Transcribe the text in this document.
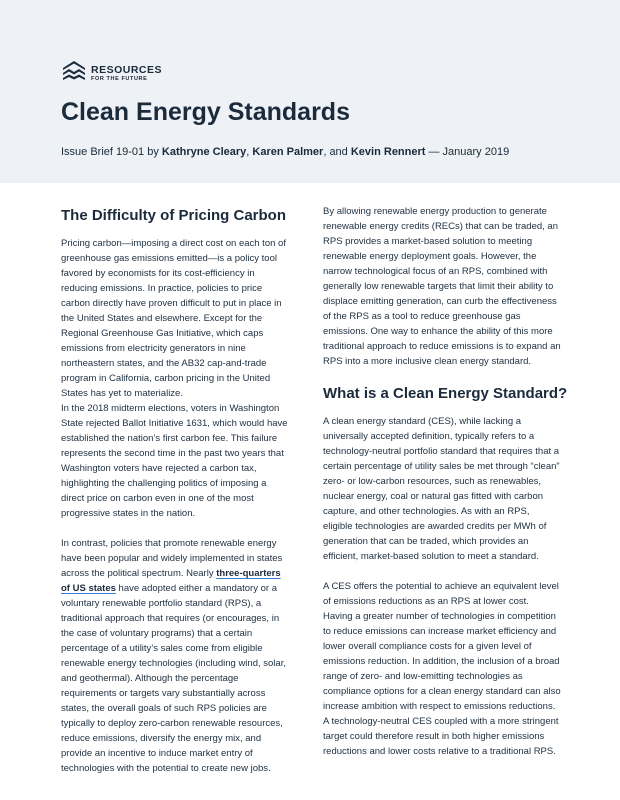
RESOURCES
FOR THE FUTURE
Clean Energy Standards
Issue Brief 19-01 by Kathryne Cleary, Karen Palmer, and Kevin Rennert — January 2019
The Difficulty of Pricing Carbon

Pricing carbon—imposing a direct cost on each ton of greenhouse gas emissions emitted—is a policy tool favored by economists for its cost-efficiency in reducing emissions. In practice, policies to price carbon directly have proven difficult to put in place in the United States and elsewhere. Except for the Regional Greenhouse Gas Initiative, which caps emissions from electricity generators in nine northeastern states, and the AB32 cap-and-trade program in California, carbon pricing in the United States has yet to materialize.

In the 2018 midterm elections, voters in Washington State rejected Ballot Initiative 1631, which would have established the nation’s first carbon fee. This failure represents the second time in the past two years that Washington voters have rejected a carbon tax, highlighting the challenging politics of imposing a direct price on carbon even in one of the most progressive states in the nation.

In contrast, policies that promote renewable energy have been popular and widely implemented in states across the political spectrum. Nearly three-quarters of US states have adopted either a mandatory or a voluntary renewable portfolio standard (RPS), a traditional approach that requires (or encourages, in the case of voluntary programs) that a certain percentage of a utility’s sales come from eligible renewable energy technologies (including wind, solar, and geothermal). Although the percentage requirements or targets vary substantially across states, the overall goals of such RPS policies are typically to deploy zero-carbon renewable resources, reduce emissions, diversify the energy mix, and provide an incentive to induce market entry of technologies with the potential to create new jobs.

By allowing renewable energy production to generate renewable energy credits (RECs) that can be traded, an RPS provides a market-based solution to meeting renewable energy deployment goals. However, the narrow technological focus of an RPS, combined with generally low renewable targets that limit their ability to displace emitting generation, can curb the effectiveness of the RPS as a tool to reduce greenhouse gas emissions. One way to enhance the ability of this more traditional approach to reduce emissions is to expand an RPS into a more inclusive clean energy standard.

What is a Clean Energy Standard?

A clean energy standard (CES), while lacking a universally accepted definition, typically refers to a technology-neutral portfolio standard that requires that a certain percentage of utility sales be met through “clean” zero- or low-carbon resources, such as renewables, nuclear energy, coal or natural gas fitted with carbon capture, and other technologies. As with an RPS, eligible technologies are awarded credits per MWh of generation that can be traded, which provides an efficient, market-based solution to meet a standard.

A CES offers the potential to achieve an equivalent level of emissions reductions as an RPS at lower cost. Having a greater number of technologies in competition to reduce emissions can increase market efficiency and lower overall compliance costs for a given level of emissions reduction. In addition, the inclusion of a broad range of zero- and low-emitting technologies as compliance options for a clean energy standard can also increase ambition with respect to emissions reductions. A technology-neutral CES coupled with a more stringent target could therefore result in both higher emissions reductions and lower costs relative to a traditional RPS.
